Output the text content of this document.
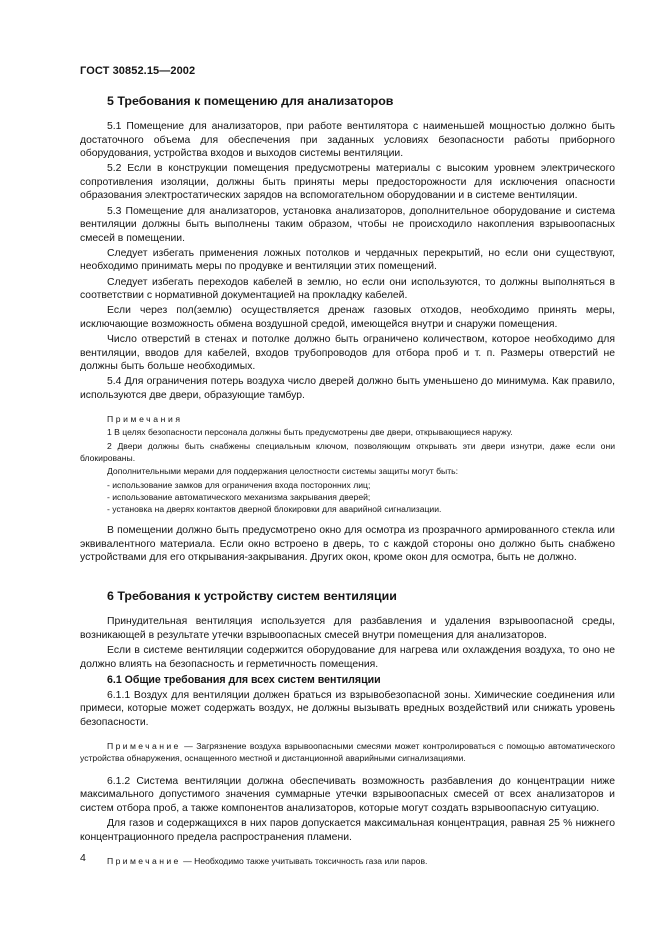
ГОСТ 30852.15—2002

5 Требования к помещению для анализаторов

5.1 Помещение для анализаторов, при работе вентилятора с наименьшей мощностью должно быть достаточного объема для обеспечения при заданных условиях безопасности работы приборного оборудования, устройства входов и выходов системы вентиляции.

5.2 Если в конструкции помещения предусмотрены материалы с высоким уровнем электрического сопротивления изоляции, должны быть приняты меры предосторожности для исключения опасности образования электростатических зарядов на вспомогательном оборудовании и в системе вентиляции.

5.3 Помещение для анализаторов, установка анализаторов, дополнительное оборудование и система вентиляции должны быть выполнены таким образом, чтобы не происходило накопления взрывоопасных смесей в помещении.

Следует избегать применения ложных потолков и чердачных перекрытий, но если они существуют, необходимо принимать меры по продувке и вентиляции этих помещений.

Следует избегать переходов кабелей в землю, но если они используются, то должны выполняться в соответствии с нормативной документацией на прокладку кабелей.

Если через пол(землю) осуществляется дренаж газовых отходов, необходимо принять меры, исключающие возможность обмена воздушной средой, имеющейся внутри и снаружи помещения.

Число отверстий в стенах и потолке должно быть ограничено количеством, которое необходимо для вентиляции, вводов для кабелей, входов трубопроводов для отбора проб и т. п. Размеры отверстий не должны быть больше необходимых.

5.4 Для ограничения потерь воздуха число дверей должно быть уменьшено до минимума. Как правило, используются две двери, образующие тамбур.

Примечания

1 В целях безопасности персонала должны быть предусмотрены две двери, открывающиеся наружу.

2 Двери должны быть снабжены специальным ключом, позволяющим открывать эти двери изнутри, даже если они блокированы.

Дополнительными мерами для поддержания целостности системы защиты могут быть:

- использование замков для ограничения входа посторонних лиц;

- использование автоматического механизма закрывания дверей;

- установка на дверях контактов дверной блокировки для аварийной сигнализации.

В помещении должно быть предусмотрено окно для осмотра из прозрачного армированного стекла или эквивалентного материала. Если окно встроено в дверь, то с каждой стороны оно должно быть снабжено устройствами для его открывания-закрывания. Других окон, кроме окон для осмотра, быть не должно.

6 Требования к устройству систем вентиляции

Принудительная вентиляция используется для разбавления и удаления взрывоопасной среды, возникающей в результате утечки взрывоопасных смесей внутри помещения для анализаторов.

Если в системе вентиляции содержится оборудование для нагрева или охлаждения воздуха, то оно не должно влиять на безопасность и герметичность помещения.

6.1 Общие требования для всех систем вентиляции

6.1.1 Воздух для вентиляции должен браться из взрывобезопасной зоны. Химические соединения или примеси, которые может содержать воздух, не должны вызывать вредных воздействий или снижать уровень безопасности.

Примечание — Загрязнение воздуха взрывоопасными смесями может контролироваться с помощью автоматического устройства обнаружения, оснащенного местной и дистанционной аварийными сигнализациями.

6.1.2 Система вентиляции должна обеспечивать возможность разбавления до концентрации ниже максимального допустимого значения суммарные утечки взрывоопасных смесей от всех анализаторов и систем отбора проб, а также компонентов анализаторов, которые могут создать взрывоопасную ситуацию.

Для газов и содержащихся в них паров допускается максимальная концентрация, равная 25 % нижнего концентрационного предела распространения пламени.

Примечание — Необходимо также учитывать токсичность газа или паров.

4
